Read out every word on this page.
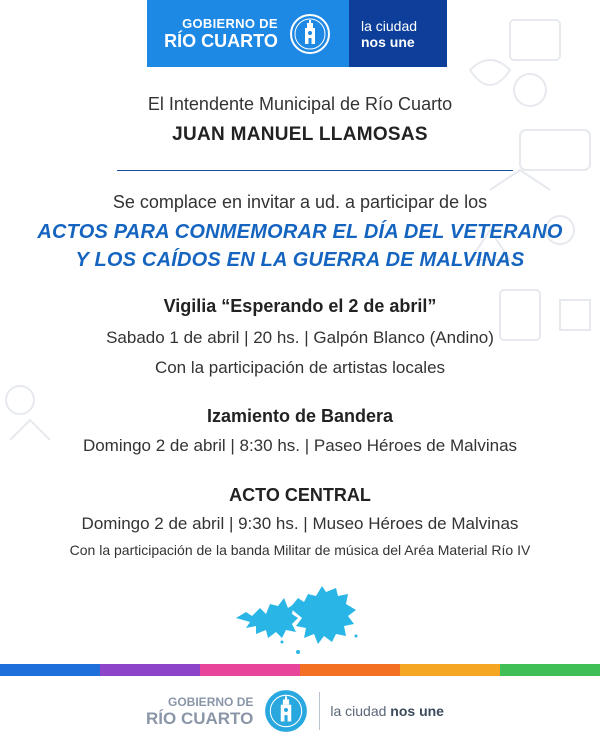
GOBIERNO DE
RÍO CUARTO
la ciudad
nos une
El Intendente Municipal de Río Cuarto
JUAN MANUEL LLAMOSAS
Se complace en invitar a ud. a participar de los
ACTOS PARA CONMEMORAR EL DÍA DEL VETERANO
Y LOS CAÍDOS EN LA GUERRA DE MALVINAS
Vigilia “Esperando el 2 de abril”
Sabado 1 de abril | 20 hs. | Galpón Blanco (Andino)
Con la participación de artistas locales
Izamiento de Bandera
Domingo 2 de abril | 8:30 hs. | Paseo Héroes de Malvinas
ACTO CENTRAL
Domingo 2 de abril | 9:30 hs. | Museo Héroes de Malvinas
Con la participación de la banda Militar de música del Aréa Material Río IV
GOBIERNO DE
RÍO CUARTO	la ciudad nos une
